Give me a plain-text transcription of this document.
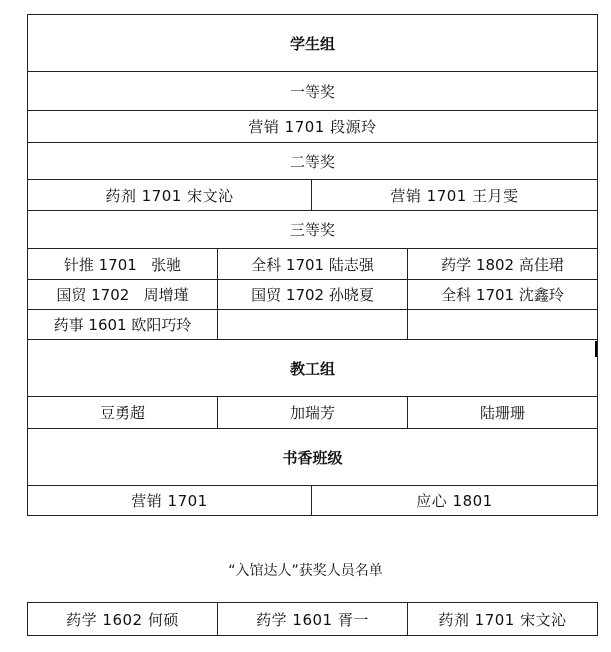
学生组			
一等奖			
营销 1701 段源玲			
二等奖			
药剂 1701 宋文沁		营销 1701 王月雯	
三等奖			
针推 1701   张驰	全科 1701 陆志强		药学 1802 高佳珺
国贸 1702   周增瑾	国贸 1702 孙晓夏		全科 1701 沈鑫玲
药事 1601 欧阳巧玲			
教工组			
豆勇超	加瑞芳		陆珊珊
书香班级			
营销 1701		应心 1801	
“入馆达人”获奖人员名单
药学 1602 何硕	药学 1601 胥一	药剂 1701 宋文沁
